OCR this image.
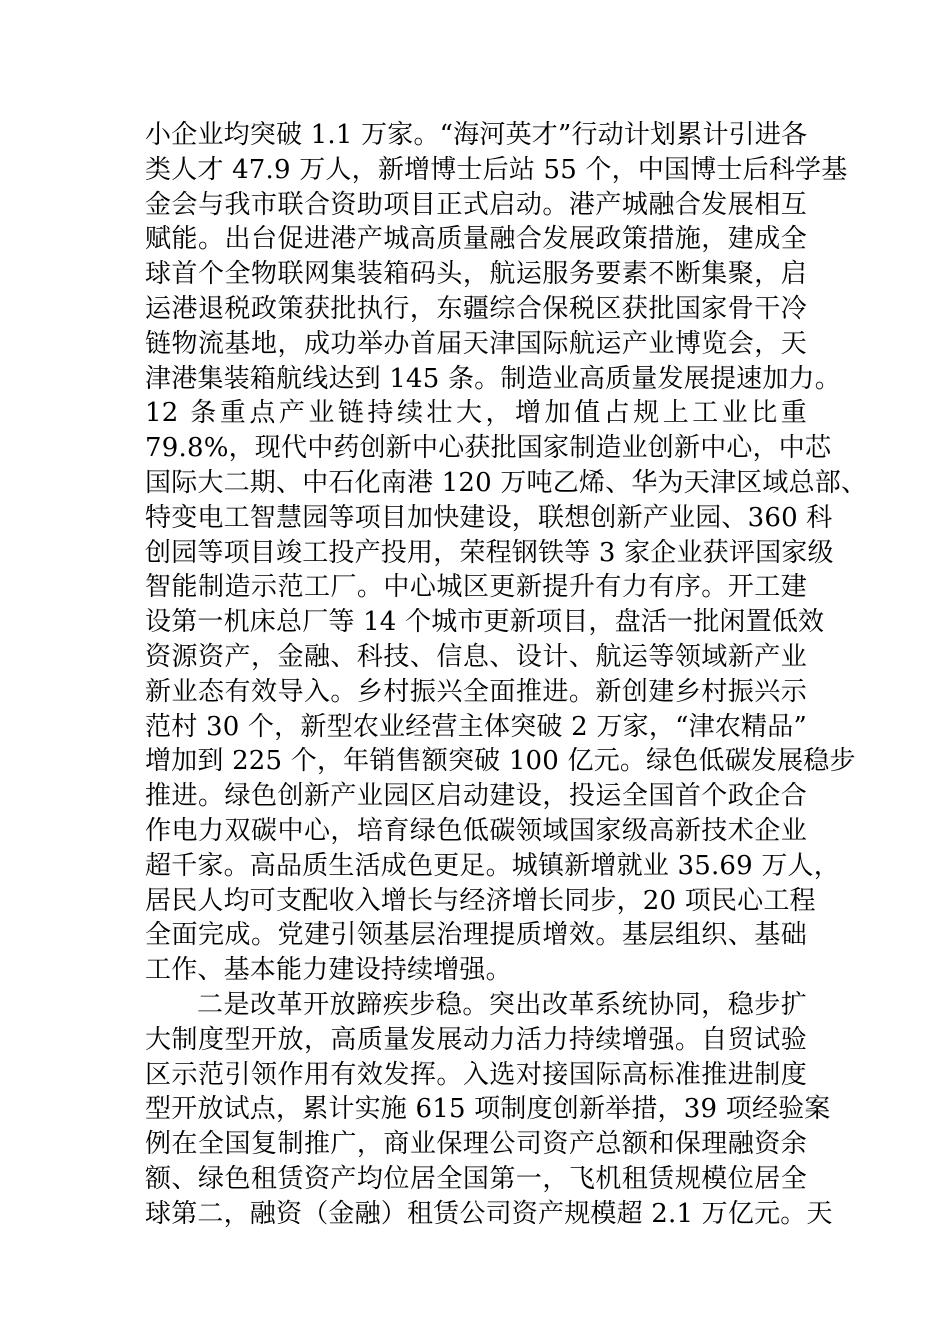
小企业均突破 1.1 万家。“海河英才”行动计划累计引进各
类人才 47.9 万人，新增博士后站 55 个，中国博士后科学基
金会与我市联合资助项目正式启动。港产城融合发展相互
赋能。出台促进港产城高质量融合发展政策措施，建成全
球首个全物联网集装箱码头，航运服务要素不断集聚，启
运港退税政策获批执行，东疆综合保税区获批国家骨干冷
链物流基地，成功举办首届天津国际航运产业博览会，天
津港集装箱航线达到 145 条。制造业高质量发展提速加力。
12 条重点产业链持续壮大，增加值占规上工业比重
79.8%，现代中药创新中心获批国家制造业创新中心，中芯
国际大二期、中石化南港 120 万吨乙烯、华为天津区域总部、
特变电工智慧园等项目加快建设，联想创新产业园、360 科
创园等项目竣工投产投用，荣程钢铁等 3 家企业获评国家级
智能制造示范工厂。中心城区更新提升有力有序。开工建
设第一机床总厂等 14 个城市更新项目，盘活一批闲置低效
资源资产，金融、科技、信息、设计、航运等领域新产业
新业态有效导入。乡村振兴全面推进。新创建乡村振兴示
范村 30 个，新型农业经营主体突破 2 万家，“津农精品”
增加到 225 个，年销售额突破 100 亿元。绿色低碳发展稳步
推进。绿色创新产业园区启动建设，投运全国首个政企合
作电力双碳中心，培育绿色低碳领域国家级高新技术企业
超千家。高品质生活成色更足。城镇新增就业 35.69 万人，
居民人均可支配收入增长与经济增长同步，20 项民心工程
全面完成。党建引领基层治理提质增效。基层组织、基础
工作、基本能力建设持续增强。
二是改革开放蹄疾步稳。突出改革系统协同，稳步扩
大制度型开放，高质量发展动力活力持续增强。自贸试验
区示范引领作用有效发挥。入选对接国际高标准推进制度
型开放试点，累计实施 615 项制度创新举措，39 项经验案
例在全国复制推广，商业保理公司资产总额和保理融资余
额、绿色租赁资产均位居全国第一，飞机租赁规模位居全
球第二，融资（金融）租赁公司资产规模超 2.1 万亿元。天
